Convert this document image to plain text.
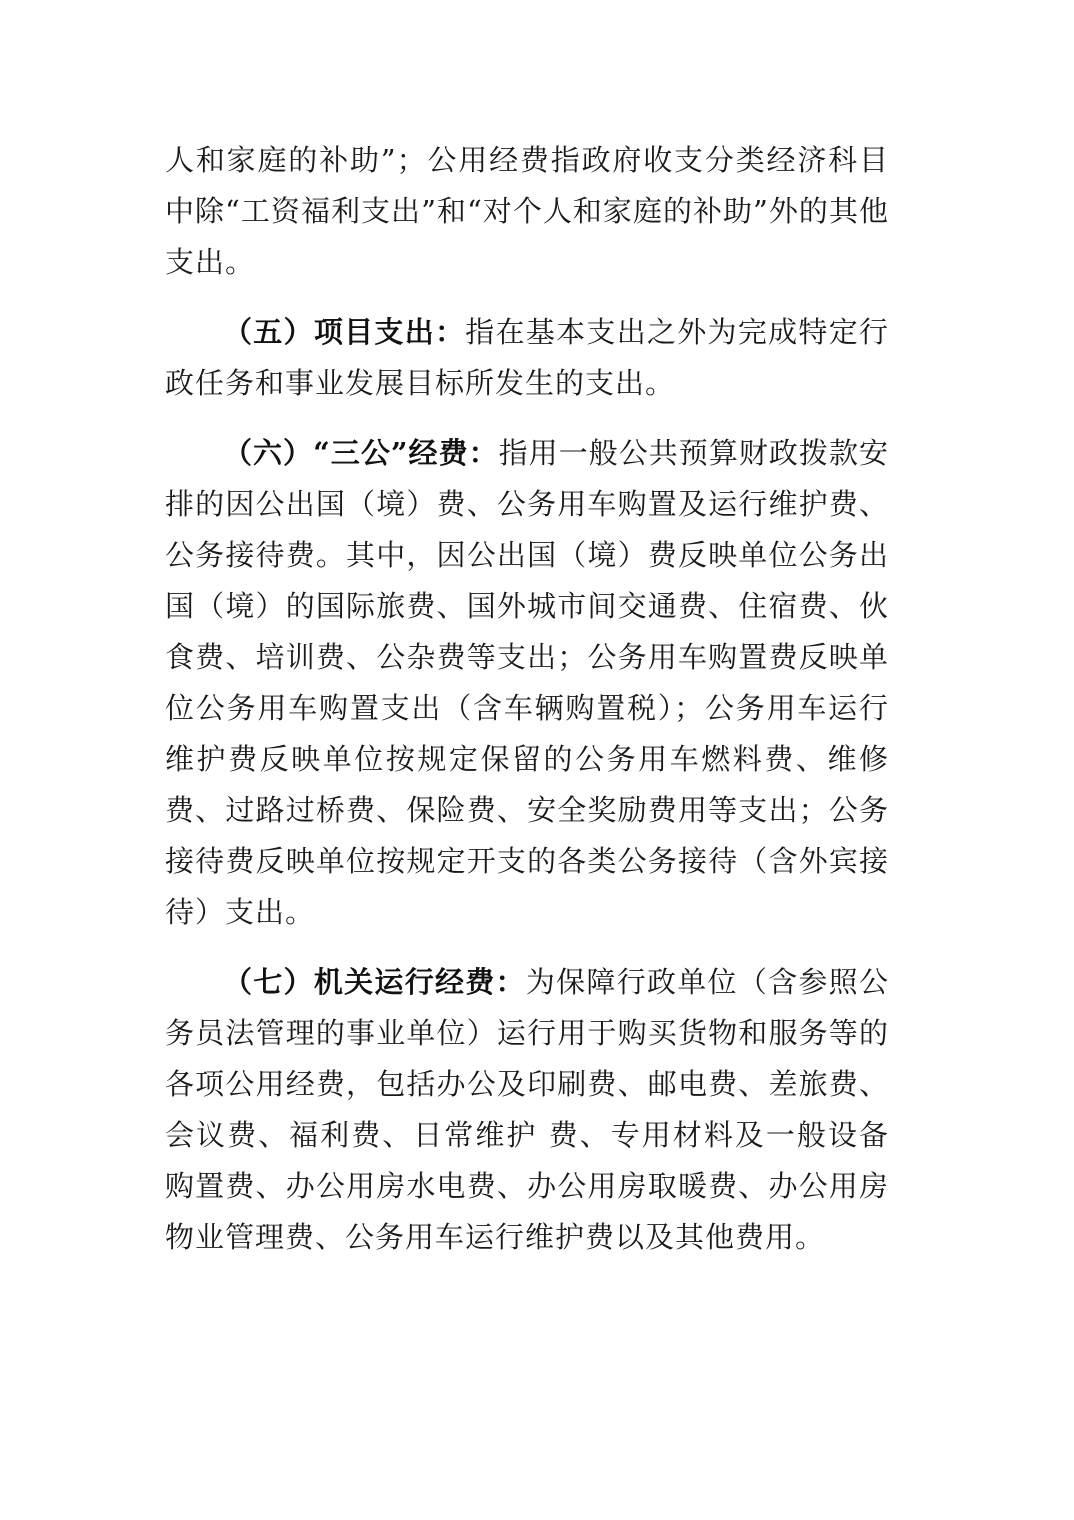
人和家庭的补助”；公用经费指政府收支分类经济科目中除“工资福利支出”和“对个人和家庭的补助”外的其他支出。

（五）项目支出：指在基本支出之外为完成特定行政任务和事业发展目标所发生的支出。

（六）“三公”经费：指用一般公共预算财政拨款安排的因公出国（境）费、公务用车购置及运行维护费、公务接待费。其中，因公出国（境）费反映单位公务出国（境）的国际旅费、国外城市间交通费、住宿费、伙食费、培训费、公杂费等支出；公务用车购置费反映单位公务用车购置支出（含车辆购置税）；公务用车运行维护费反映单位按规定保留的公务用车燃料费、维修费、过路过桥费、保险费、安全奖励费用等支出；公务接待费反映单位按规定开支的各类公务接待（含外宾接待）支出。

（七）机关运行经费：为保障行政单位（含参照公务员法管理的事业单位）运行用于购买货物和服务等的各项公用经费，包括办公及印刷费、邮电费、差旅费、会议费、福利费、日常维护 费、专用材料及一般设备购置费、办公用房水电费、办公用房取暖费、办公用房物业管理费、公务用车运行维护费以及其他费用。
